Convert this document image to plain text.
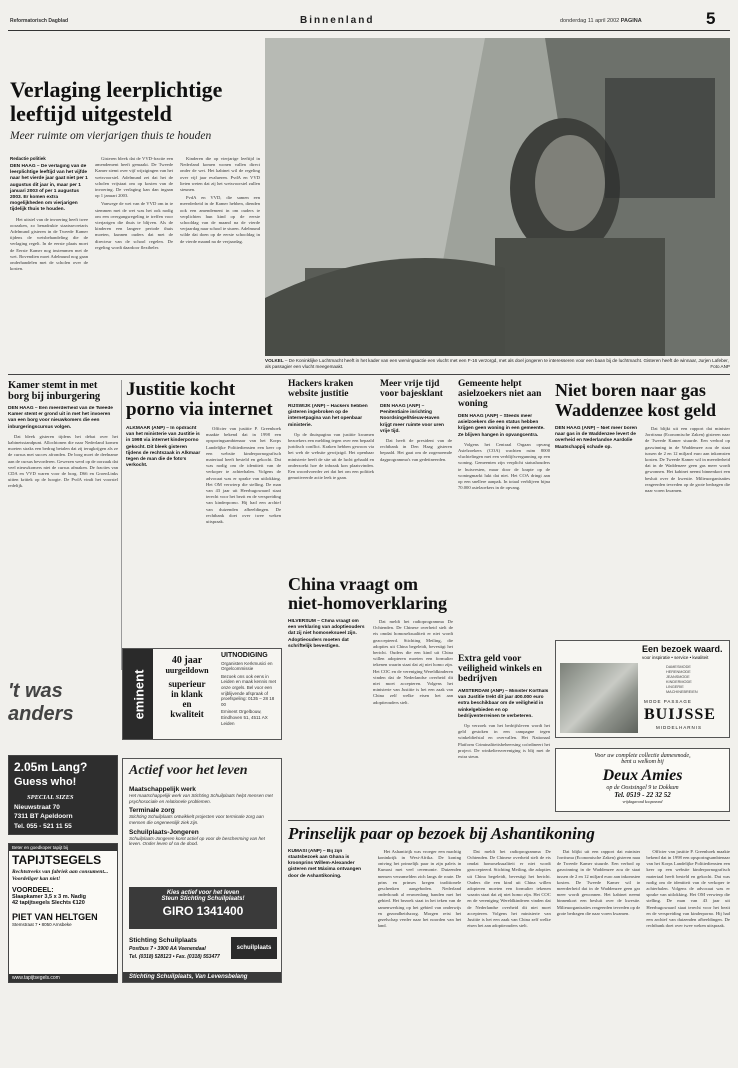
Reformatorisch Dagblad	Binnenland	donderdag 11 april 2002 PAGINA	5
Verlaging leerplichtige
leeftijd uitgesteld
Meer ruimte om vierjarigen thuis te houden
Redactie politiek
DEN HAAG – De verlaging van de leerplichtige leeftijd van het vijfde naar het vierde jaar gaat niet per 1 augustus dit jaar in, maar per 1 januari 2003 of per 1 augustus 2003. Er komen extra mogelijkheden om vierjarigen tijdelijk thuis te houden.

Het uitstel van de invoering heeft twee oorzaken, zo benadrukte staatssecretaris Adelmund gisteren in de Tweede Kamer tijdens de wetsbehandeling die de verlaging regelt. In de eerste plaats moet de Eerste Kamer nog instemmen met de wet. Bovendien moet Adelmund nog gaan onderhandelen met de scholen over de kosten.

Gisteren bleek dat de VVD-fractie een amendement heeft gemaakt. De Tweede Kamer stemt over vijf wijzigingen van het wetsvoorstel. Adelmund zei dat het de scholen vrijstaat om op kosten van de invoering. De verlaging kan dan ingaan op 1 januari 2003.

Vanwege de wet van de VVD om in te stemmen met de wet was het ook nodig om een overgangsregeling te treffen voor vierjarigen die thuis te blijven. Als de kinderen een langere periode thuis moeten, kunnen ouders dat met de directeur van de school regelen. De regeling wordt daardoor flexibeler.

Kinderen die op vierjarige leeftijd in Nederland komen wonen vallen direct onder de wet. Het kabinet wil de regeling over vijf jaar evalueren. PvdA en VVD lieten weten dat zij het wetsvoorstel zullen steunen.

PvdA en VVD, die samen een meerderheid in de Kamer hebben, dienden ook een amendement in om ouders te verplichten hun kind op de eerste schooldag van de maand na de vierde verjaardag naar school te sturen. Adelmund wilde dat doen op de eerste schooldag in de vierde maand na de verjaardag.

VOLKEL – De Koninklijke Luchtmacht heeft in het kader van een wervingsactie een vlucht met een F-16 verzorgd, met als doel jongeren te interesseren voor een baan bij de luchtmacht. Gisteren heeft de winnaar, Jurjen Lafeber, als passagier een vlucht meegemaakt.	Foto ANP
Kamer stemt in met borg bij inburgering
DEN HAAG – Een meerderheid van de Tweede Kamer stemt er grond uit in met het invoeren van een borg voor nieuwkomers die een inburgeringscursus volgen.

Dat bleek gisteren tijdens het debat over het kabinetsstandpunt. Allochtonen die naar Nederland komen moeten straks een bedrag betalen dat zij terugkrijgen als ze de cursus met succes afronden. De borg moet de deelname aan de cursus bevorderen. Gewezen werd op de oorzaak dat veel nieuwkomers niet de cursus afmaken. De fracties van CDA en VVD waren voor de borg. D66 en GroenLinks uitten kritiek op de hoogte. De PvdA vindt het voorstel redelijk.

't was anders
Justitie kocht porno via internet
ALKMAAR (ANP) – In opdracht van het ministerie van Justitie is in 1998 via internet kinderporno gekocht. Dit bleek gisteren tijdens de rechtszaak in Alkmaar tegen de man die de foto's verkocht.

Officier van justitie P. Greenhoek maakte bekend dat in 1998 een opsporingsambtenaar van het Korps Landelijke Politiediensten een keer op een website kinderpornografisch materiaal heeft besteld en gekocht. Dat was nodig om de identiteit van de verkoper te achterhalen. Volgens de advocaat was er sprake van uitlokking. Het OM verwierp die stelling. De man van 43 jaar uit Heerhugowaard staat terecht voor het bezit en de verspreiding van kinderporno. Hij had een archief van duizenden afbeeldingen. De rechtbank doet over twee weken uitspraak.

Hackers kraken website justitie
RIJSWIJK (ANP) – Hackers hebben gisteren ingebroken op de internetpagina van het openbaar ministerie.

Op de thuispagina van justitie kwamen bezoekers een melding tegen over een bepaald juridisch conflict. Kraken hebben gewoon via het web de website gewijzigd. Het openbaar ministerie heeft de site uit de lucht gehaald en onderzoekt hoe de inbraak kon plaatsvinden. Een woordvoerder zei dat het om een politiek gemotiveerde actie leek te gaan.

Meer vrije tijd voor bajesklant
DEN HAAG (ANP) – Penitentiaire inrichting Noordsingel/Nieuw-Haven krijgt meer ruimte voor uren vrije tijd.

Dat heeft de president van de rechtbank in Den Haag gisteren bepaald. Het gaat om de zogenoemde dagprogramma's van gedetineerden.

Gemeente helpt asielzoekers niet aan woning
DEN HAAG (ANP) – Steeds meer asielzoekers die een status hebben krijgen geen woning in een gemeente. Ze blijven hangen in opvangcentra.

Volgens het Centraal Orgaan opvang Asielzoekers (COA) wachten ruim 8000 vluchtelingen met een verblijfsvergunning op een woning. Gemeenten zijn verplicht statushouders te huisvesten, maar door de krapte op de woningmarkt lukt dat niet. Het COA dringt aan op een snellere aanpak. In totaal verblijven bijna 70.000 asielzoekers in de opvang.

Niet boren naar gas Waddenzee kost geld
DEN HAAG (ANP) – Niet meer boren naar gas in de Waddenzee levert de overheid en Nederlandse Aardolie Maatschappij schade op.

Dat blijkt uit een rapport dat minister Jorritsma (Economische Zaken) gisteren naar de Tweede Kamer stuurde. Een verbod op gaswinning in de Waddenzee zou de staat tussen de 2 en 12 miljard euro aan inkomsten kosten. De Tweede Kamer wil in meerderheid dat in de Waddenzee geen gas meer wordt gewonnen. Het kabinet neemt binnenkort een besluit over de kwestie. Milieuorganisaties reageerden tevreden op de grote bedragen die naar voren kwamen.

China vraagt om niet-homoverklaring
HILVERSUM – China vraagt om een verklaring van adoptieouders dat zij niet homoseksueel zijn. Adoptieouders moeten dat schriftelijk bevestigen.

Dat meldt het radioprogramma De Ochtenden. De Chinese overheid stelt de eis omdat homoseksualiteit er niet wordt geaccepteerd. Stichting Meiling, die adopties uit China begeleidt, bevestigt het bericht. Ouders die een kind uit China willen adopteren moeten een formulier tekenen waarin staat dat zij niet homo zijn. Het COC en de vereniging Wereldkinderen vinden dat de Nederlandse overheid dit niet moet accepteren. Volgens het ministerie van Justitie is het een zaak van China zelf welke eisen het aan adoptieouders stelt.

Extra geld voor veiligheid winkels en bedrijven
AMSTERDAM (ANP) – Minister Korthals van Justitie trekt dit jaar 400.000 euro extra beschikbaar om de veiligheid in winkelgebieden en op bedrijventerreinen te verbeteren.

Op verzoek van het bedrijfsleven wordt het geld gestoken in een campagne tegen winkeldiefstal en overvallen. Het Nationaal Platform Criminaliteitsbeheersing coördineert het project. De winkeliersvereniging is blij met de extra steun.

eminent
40 jaar
uurgeildown
superieur
in klank
en
kwaliteit
UITNODIGING
Organisten Kerkmusici en Orgelcommissie
Bezoek ons ook eens in Leiden en maak kennis met onze orgels. Bel voor een vrijblijvende afspraak of proefspeling: 0135 – 28 18 00
Eminent Orgelbouw, Eindhoven 51, 4511 AX Leiden
2.05m Lang?
Guess who!
SPECIAL SIZES
Nieuwstraat 70
7311 BT Apeldoorn
Tel. 055 - 521 11 55
Beter en goedkoper tapijt bij
TAPIJTSEGELS
Rechtstreeks van fabriek aan consument... Voordeliger kan niet!
VOORDEEL:
Slaapkamer 3,5 x 3 m. Nadig
42 tapijtsegels Slechts €120
PIET VAN HELTGEN
Stemstraat 7 • 8050 Arnsbeke
www.tapijtsegels.com
Actief voor het leven
Maatschappelijk werk
Het maatschappelijk werk van Stichting Schuilplaats helpt mensen met psychosociale en relationele problemen.
Terminale zorg
Stichting Schuilplaats ontwikkelt projecten voor terminale zorg aan mensen die ongeneeslijk ziek zijn.
Schuilplaats-Jongeren
Schuilplaats-Jongeren komt actief op voor de bescherming van het leven. Onder leven of na de dood.
Kies actief voor het leven
Steun Stichting Schuilplaats!
GIRO 1341400
Stichting Schuilplaats
Postbus 7 • 3900 AA Veenendaal
Tel. (0318) 528123 • Fax. (0318) 553477
schuilplaats
Stichting Schuilplaats, Van Levensbelang
Een bezoek waard.
voor inspiratie • service • kwaliteit
DAMESMODE
HERENMODE
JEANSMODE
KINDERMODE
LINGERIE
MACHINEBREIEN
MODE PASSAGE
BUIJSSE
MIDDELHARNIS
Voor uw complete collectie damesmode,
bent u welkom bij
Deux Amies
op de Oostsingel 9 te Dokkum
Tel. 0519 - 22 32 52
vrijdagavond koopavond
Prinselijk paar op bezoek bij Ashantikoning
KUMASI (ANP) – Bij zijn staatsbezoek aan Ghana is kroonprins Willem-Alexander gisteren met Máxima ontvangen door de Ashantikoning.

Het Ashantirijk was vroeger een machtig koninkrijk in West-Afrika. De koning ontving het prinselijk paar in zijn paleis in Kumasi met veel ceremonie. Duizenden mensen verzamelden zich langs de route. De prins en prinses kregen traditionele geschenken aangeboden. Nederland onderhoudt al eeuwenlang banden met het gebied. Het bezoek staat in het teken van de samenwerking op het gebied van onderwijs en gezondheidszorg. Morgen reist het gezelschap verder naar het noorden van het land.

Dat meldt het radioprogramma De Ochtenden. De Chinese overheid stelt de eis omdat homoseksualiteit er niet wordt geaccepteerd. Stichting Meiling, die adopties uit China begeleidt, bevestigt het bericht. Ouders die een kind uit China willen adopteren moeten een formulier tekenen waarin staat dat zij niet homo zijn. Het COC en de vereniging Wereldkinderen vinden dat de Nederlandse overheid dit niet moet accepteren. Volgens het ministerie van Justitie is het een zaak van China zelf welke eisen het aan adoptieouders stelt.

Dat blijkt uit een rapport dat minister Jorritsma (Economische Zaken) gisteren naar de Tweede Kamer stuurde. Een verbod op gaswinning in de Waddenzee zou de staat tussen de 2 en 12 miljard euro aan inkomsten kosten. De Tweede Kamer wil in meerderheid dat in de Waddenzee geen gas meer wordt gewonnen. Het kabinet neemt binnenkort een besluit over de kwestie. Milieuorganisaties reageerden tevreden op de grote bedragen die naar voren kwamen.

Officier van justitie P. Greenhoek maakte bekend dat in 1998 een opsporingsambtenaar van het Korps Landelijke Politiediensten een keer op een website kinderpornografisch materiaal heeft besteld en gekocht. Dat was nodig om de identiteit van de verkoper te achterhalen. Volgens de advocaat was er sprake van uitlokking. Het OM verwierp die stelling. De man van 43 jaar uit Heerhugowaard staat terecht voor het bezit en de verspreiding van kinderporno. Hij had een archief van duizenden afbeeldingen. De rechtbank doet over twee weken uitspraak.
